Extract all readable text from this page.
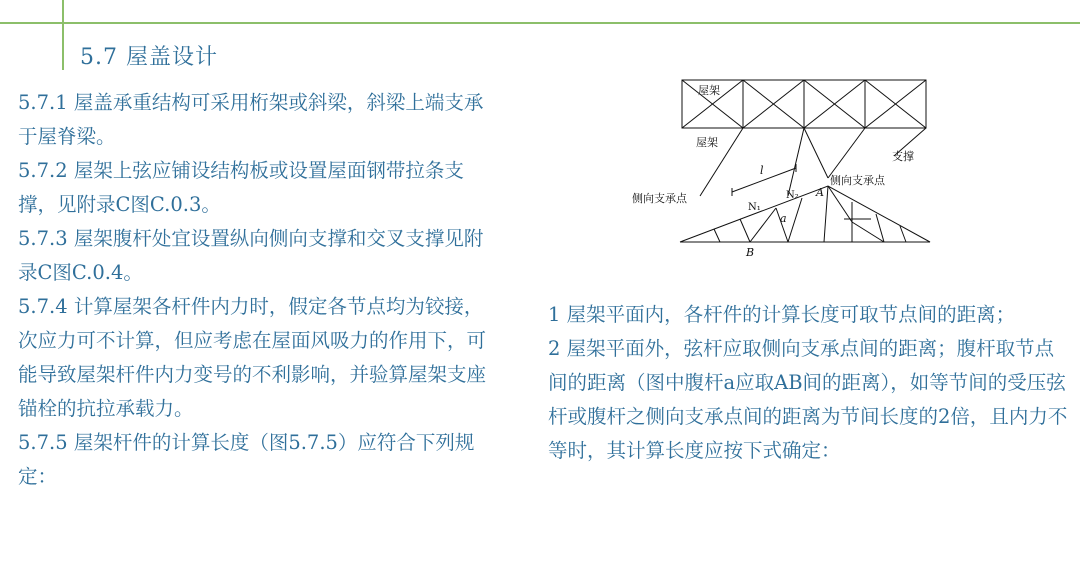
5.7 屋盖设计

5.7.1 屋盖承重结构可采用桁架或斜梁，斜梁上端支承于屋脊梁。

5.7.2 屋架上弦应铺设结构板或设置屋面钢带拉条支撑，见附录C图C.0.3。

5.7.3 屋架腹杆处宜设置纵向侧向支撑和交叉支撑见附录C图C.0.4。

5.7.4 计算屋架各杆件内力时，假定各节点均为铰接，次应力可不计算，但应考虑在屋面风吸力的作用下，可能导致屋架杆件内力变号的不利影响，并验算屋架支座锚栓的抗拉承载力。

5.7.5 屋架杆件的计算长度（图5.7.5）应符合下列规定：

屋架
屋架
支撑
侧向支承点
侧向支承点
l
N₁
N₂
a
A
B

1 屋架平面内，各杆件的计算长度可取节点间的距离；

2 屋架平面外，弦杆应取侧向支承点间的距离；腹杆取节点间的距离（图中腹杆a应取AB间的距离），如等节间的受压弦杆或腹杆之侧向支承点间的距离为节间长度的2倍，且内力不等时，其计算长度应按下式确定：
